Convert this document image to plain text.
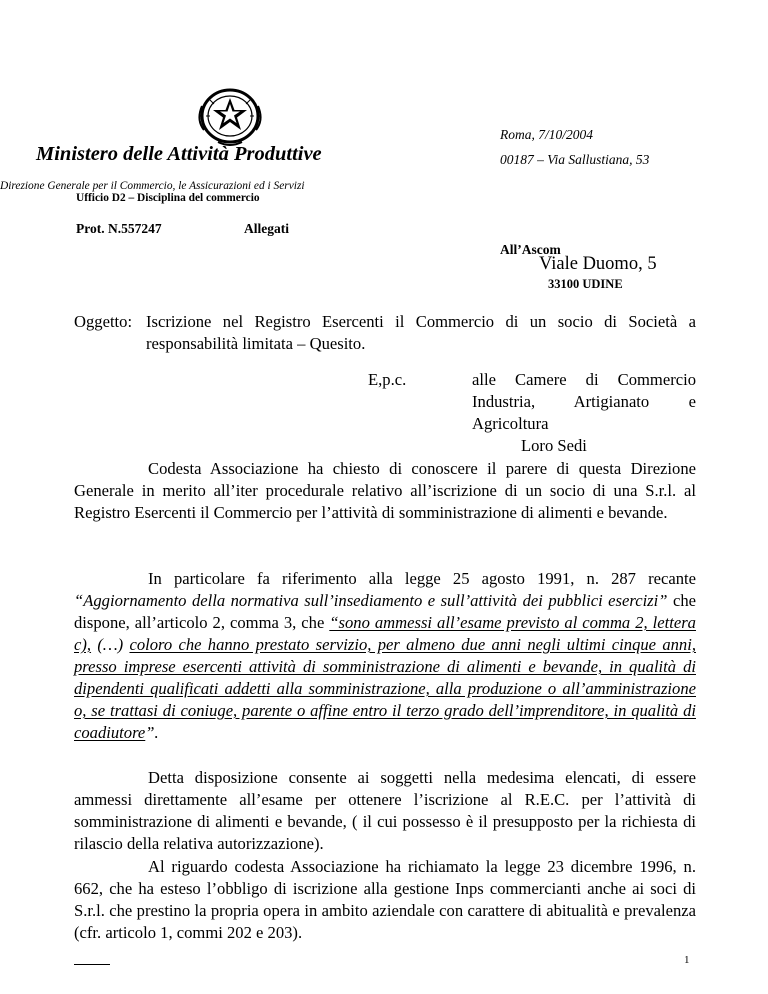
Ministero delle Attività Produttive
Roma, 7/10/2004
00187 – Via Sallustiana, 53
Direzione Generale per il Commercio, le Assicurazioni ed i Servizi
Ufficio D2 – Disciplina del commercio
Prot. N.557247	Allegati
All’Ascom
Viale Duomo, 5
33100 UDINE
Oggetto: Iscrizione nel Registro Esercenti il Commercio di un socio di Società a
responsabilità limitata – Quesito.
E,p.c.	alle Camere di Commercio
Industria, Artigianato e
Agricoltura
Loro Sedi
Codesta Associazione ha chiesto di conoscere il parere di questa Direzione Generale in merito all’iter procedurale relativo all’iscrizione di un socio di una S.r.l. al Registro Esercenti il Commercio per l’attività di somministrazione di alimenti e bevande.
In particolare fa riferimento alla legge 25 agosto 1991, n. 287 recante “Aggiornamento della normativa sull’insediamento e sull’attività dei pubblici esercizi” che dispone, all’articolo 2, comma 3, che “sono ammessi all’esame previsto al comma 2, lettera c), (…) coloro che hanno prestato servizio, per almeno due anni negli ultimi cinque anni, presso imprese esercenti attività di somministrazione di alimenti e bevande, in qualità di dipendenti qualificati addetti alla somministrazione, alla produzione o all’amministrazione o, se trattasi di coniuge, parente o affine entro il terzo grado dell’imprenditore, in qualità di coadiutore”.
Detta disposizione consente ai soggetti nella medesima elencati, di essere ammessi direttamente all’esame per ottenere l’iscrizione al R.E.C. per l’attività di somministrazione di alimenti e bevande, ( il cui possesso è il presupposto per la richiesta di rilascio della relativa autorizzazione).
Al riguardo codesta Associazione ha richiamato la legge 23 dicembre 1996, n. 662, che ha esteso l’obbligo di iscrizione alla gestione Inps commercianti anche ai soci di S.r.l. che prestino la propria opera in ambito aziendale con carattere di abitualità e prevalenza (cfr. articolo 1, commi 202 e 203).
1
